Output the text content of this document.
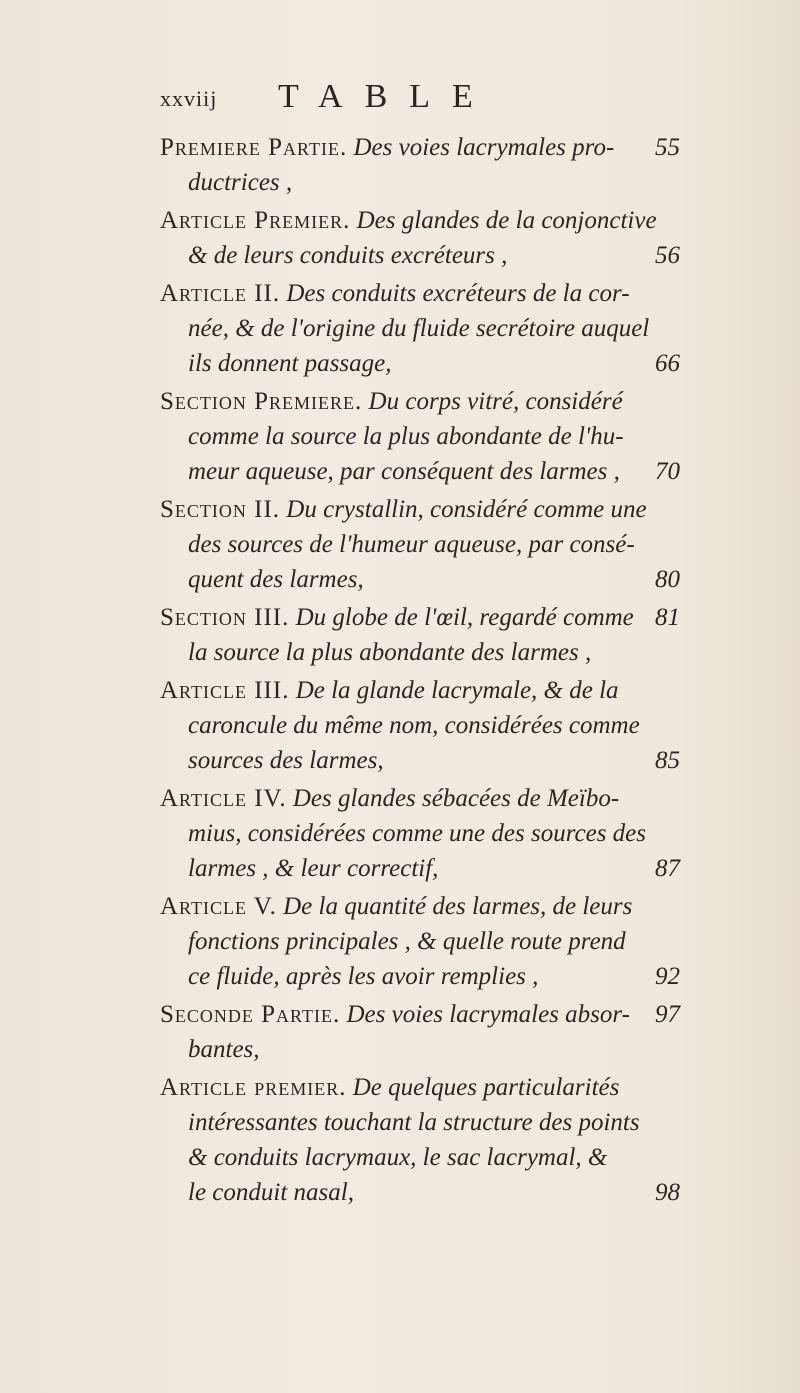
xxviij TABLE
Premiere Partie. Des voies lacrymales pro-	55
ductrices ,
Article Premier. Des glandes de la conjonctive
56
& de leurs conduits excréteurs ,
Article II. Des conduits excréteurs de la cor-
née, & de l'origine du fluide secrétoire auquel
66
ils donnent passage,
Section Premiere. Du corps vitré, considéré
comme la source la plus abondante de l'hu-
70
meur aqueuse, par conséquent des larmes ,
Section II. Du crystallin, considéré comme une
des sources de l'humeur aqueuse, par consé-
80
quent des larmes,
Section III. Du globe de l'œil, regardé comme 81
la source la plus abondante des larmes ,
Article III. De la glande lacrymale, & de la
caroncule du même nom, considérées comme
85
sources des larmes,
Article IV. Des glandes sébacées de Meïbo-
mius, considérées comme une des sources des
87
larmes , & leur correctif,
Article V. De la quantité des larmes, de leurs
fonctions principales , & quelle route prend
92
ce fluide, après les avoir remplies ,
Seconde Partie. Des voies lacrymales absor-	97
bantes,
Article premier. De quelques particularités
intéressantes touchant la structure des points
& conduits lacrymaux, le sac lacrymal, &
98
le conduit nasal,
